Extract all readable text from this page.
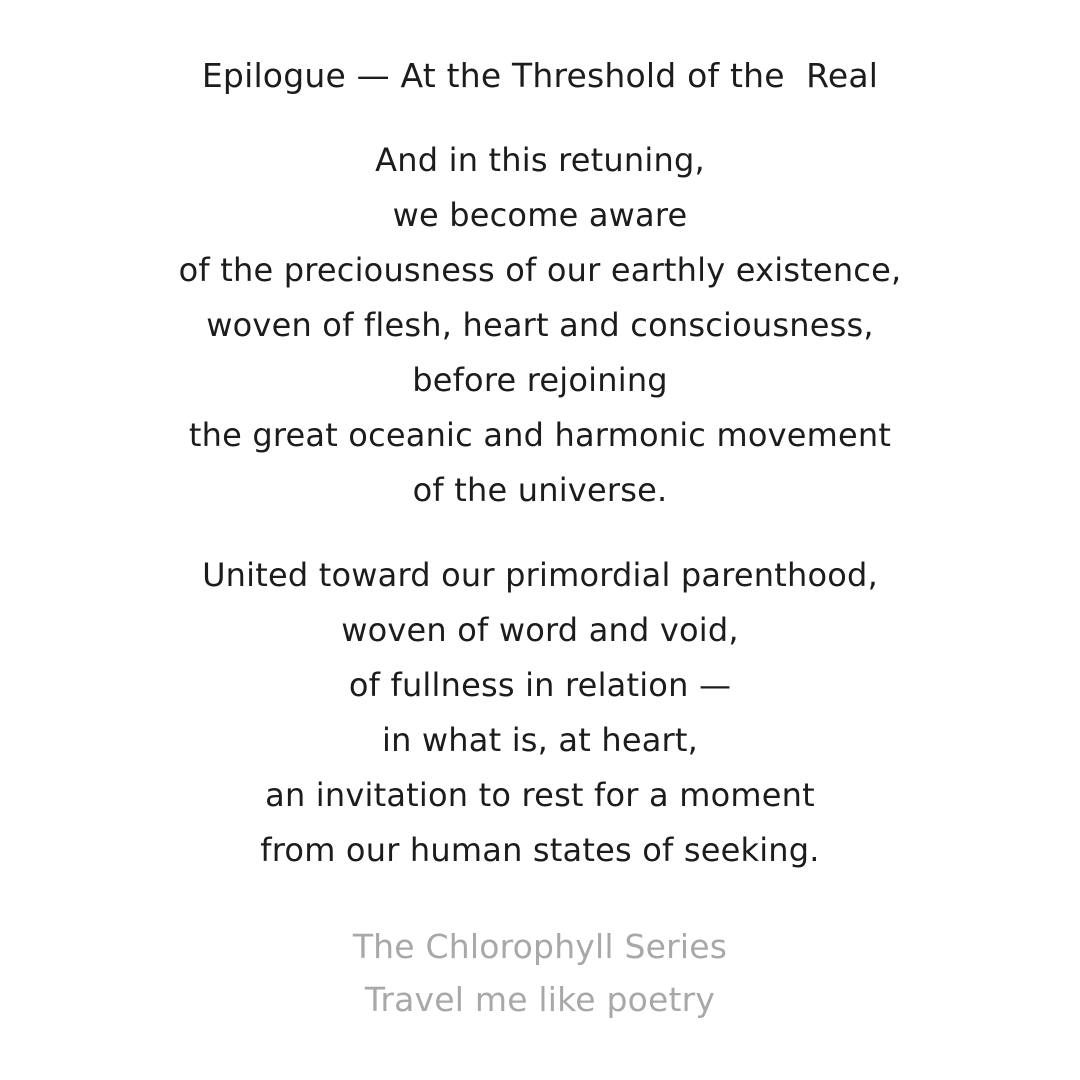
Epilogue — At the Threshold of the  Real
And in this retuning,
we become aware
of the preciousness of our earthly existence,
woven of flesh, heart and consciousness,
before rejoining
the great oceanic and harmonic movement
of the universe.
United toward our primordial parenthood,
woven of word and void,
of fullness in relation —
in what is, at heart,
an invitation to rest for a moment
from our human states of seeking.
The Chlorophyll Series
Travel me like poetry
